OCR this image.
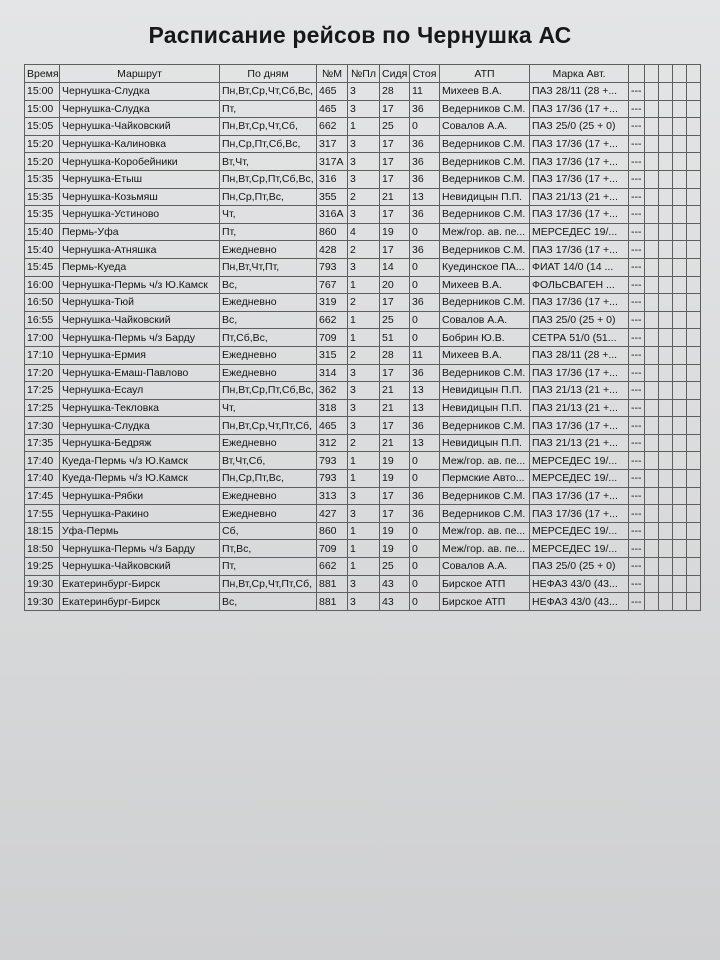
Расписание рейсов по Чернушка АС
Время	Маршрут	По дням	№М	№Пл	Сидя	Стоя	АТП	Марка Авт.					
15:00	Чернушка-Слудка	Пн,Вт,Ср,Чт,Сб,Вс,	465	3	28	11	Михеев В.А.	ПАЗ 28/11 (28 +...	---				
15:00	Чернушка-Слудка	Пт,	465	3	17	36	Ведерников С.М.	ПАЗ 17/36 (17 +...	---				
15:05	Чернушка-Чайковский	Пн,Вт,Ср,Чт,Сб,	662	1	25	0	Совалов А.А.	ПАЗ 25/0 (25 + 0)	---				
15:20	Чернушка-Калиновка	Пн,Ср,Пт,Сб,Вс,	317	3	17	36	Ведерников С.М.	ПАЗ 17/36 (17 +...	---				
15:20	Чернушка-Коробейники	Вт,Чт,	317А	3	17	36	Ведерников С.М.	ПАЗ 17/36 (17 +...	---				
15:35	Чернушка-Етыш	Пн,Вт,Ср,Пт,Сб,Вс,	316	3	17	36	Ведерников С.М.	ПАЗ 17/36 (17 +...	---				
15:35	Чернушка-Козьмяш	Пн,Ср,Пт,Вс,	355	2	21	13	Невидицын П.П.	ПАЗ 21/13 (21 +...	---				
15:35	Чернушка-Устиново	Чт,	316А	3	17	36	Ведерников С.М.	ПАЗ 17/36 (17 +...	---				
15:40	Пермь-Уфа	Пт,	860	4	19	0	Меж/гор. ав. пе...	МЕРСЕДЕС 19/...	---				
15:40	Чернушка-Атняшка	Ежедневно	428	2	17	36	Ведерников С.М.	ПАЗ 17/36 (17 +...	---				
15:45	Пермь-Куеда	Пн,Вт,Чт,Пт,	793	3	14	0	Куединское ПА...	ФИАТ 14/0 (14 ...	---				
16:00	Чернушка-Пермь ч/з Ю.Камск	Вс,	767	1	20	0	Михеев В.А.	ФОЛЬСВАГЕН ...	---				
16:50	Чернушка-Тюй	Ежедневно	319	2	17	36	Ведерников С.М.	ПАЗ 17/36 (17 +...	---				
16:55	Чернушка-Чайковский	Вс,	662	1	25	0	Совалов А.А.	ПАЗ 25/0 (25 + 0)	---				
17:00	Чернушка-Пермь ч/з Барду	Пт,Сб,Вс,	709	1	51	0	Бобрин Ю.В.	СЕТРА 51/0 (51...	---				
17:10	Чернушка-Ермия	Ежедневно	315	2	28	11	Михеев В.А.	ПАЗ 28/11 (28 +...	---				
17:20	Чернушка-Емаш-Павлово	Ежедневно	314	3	17	36	Ведерников С.М.	ПАЗ 17/36 (17 +...	---				
17:25	Чернушка-Есаул	Пн,Вт,Ср,Пт,Сб,Вс,	362	3	21	13	Невидицын П.П.	ПАЗ 21/13 (21 +...	---				
17:25	Чернушка-Текловка	Чт,	318	3	21	13	Невидицын П.П.	ПАЗ 21/13 (21 +...	---				
17:30	Чернушка-Слудка	Пн,Вт,Ср,Чт,Пт,Сб,	465	3	17	36	Ведерников С.М.	ПАЗ 17/36 (17 +...	---				
17:35	Чернушка-Бедряж	Ежедневно	312	2	21	13	Невидицын П.П.	ПАЗ 21/13 (21 +...	---				
17:40	Куеда-Пермь ч/з Ю.Камск	Вт,Чт,Сб,	793	1	19	0	Меж/гор. ав. пе...	МЕРСЕДЕС 19/...	---				
17:40	Куеда-Пермь ч/з Ю.Камск	Пн,Ср,Пт,Вс,	793	1	19	0	Пермские Авто...	МЕРСЕДЕС 19/...	---				
17:45	Чернушка-Рябки	Ежедневно	313	3	17	36	Ведерников С.М.	ПАЗ 17/36 (17 +...	---				
17:55	Чернушка-Ракино	Ежедневно	427	3	17	36	Ведерников С.М.	ПАЗ 17/36 (17 +...	---				
18:15	Уфа-Пермь	Сб,	860	1	19	0	Меж/гор. ав. пе...	МЕРСЕДЕС 19/...	---				
18:50	Чернушка-Пермь ч/з Барду	Пт,Вс,	709	1	19	0	Меж/гор. ав. пе...	МЕРСЕДЕС 19/...	---				
19:25	Чернушка-Чайковский	Пт,	662	1	25	0	Совалов А.А.	ПАЗ 25/0 (25 + 0)	---				
19:30	Екатеринбург-Бирск	Пн,Вт,Ср,Чт,Пт,Сб,	881	3	43	0	Бирское АТП	НЕФАЗ 43/0 (43...	---				
19:30	Екатеринбург-Бирск	Вс,	881	3	43	0	Бирское АТП	НЕФАЗ 43/0 (43...	---				
